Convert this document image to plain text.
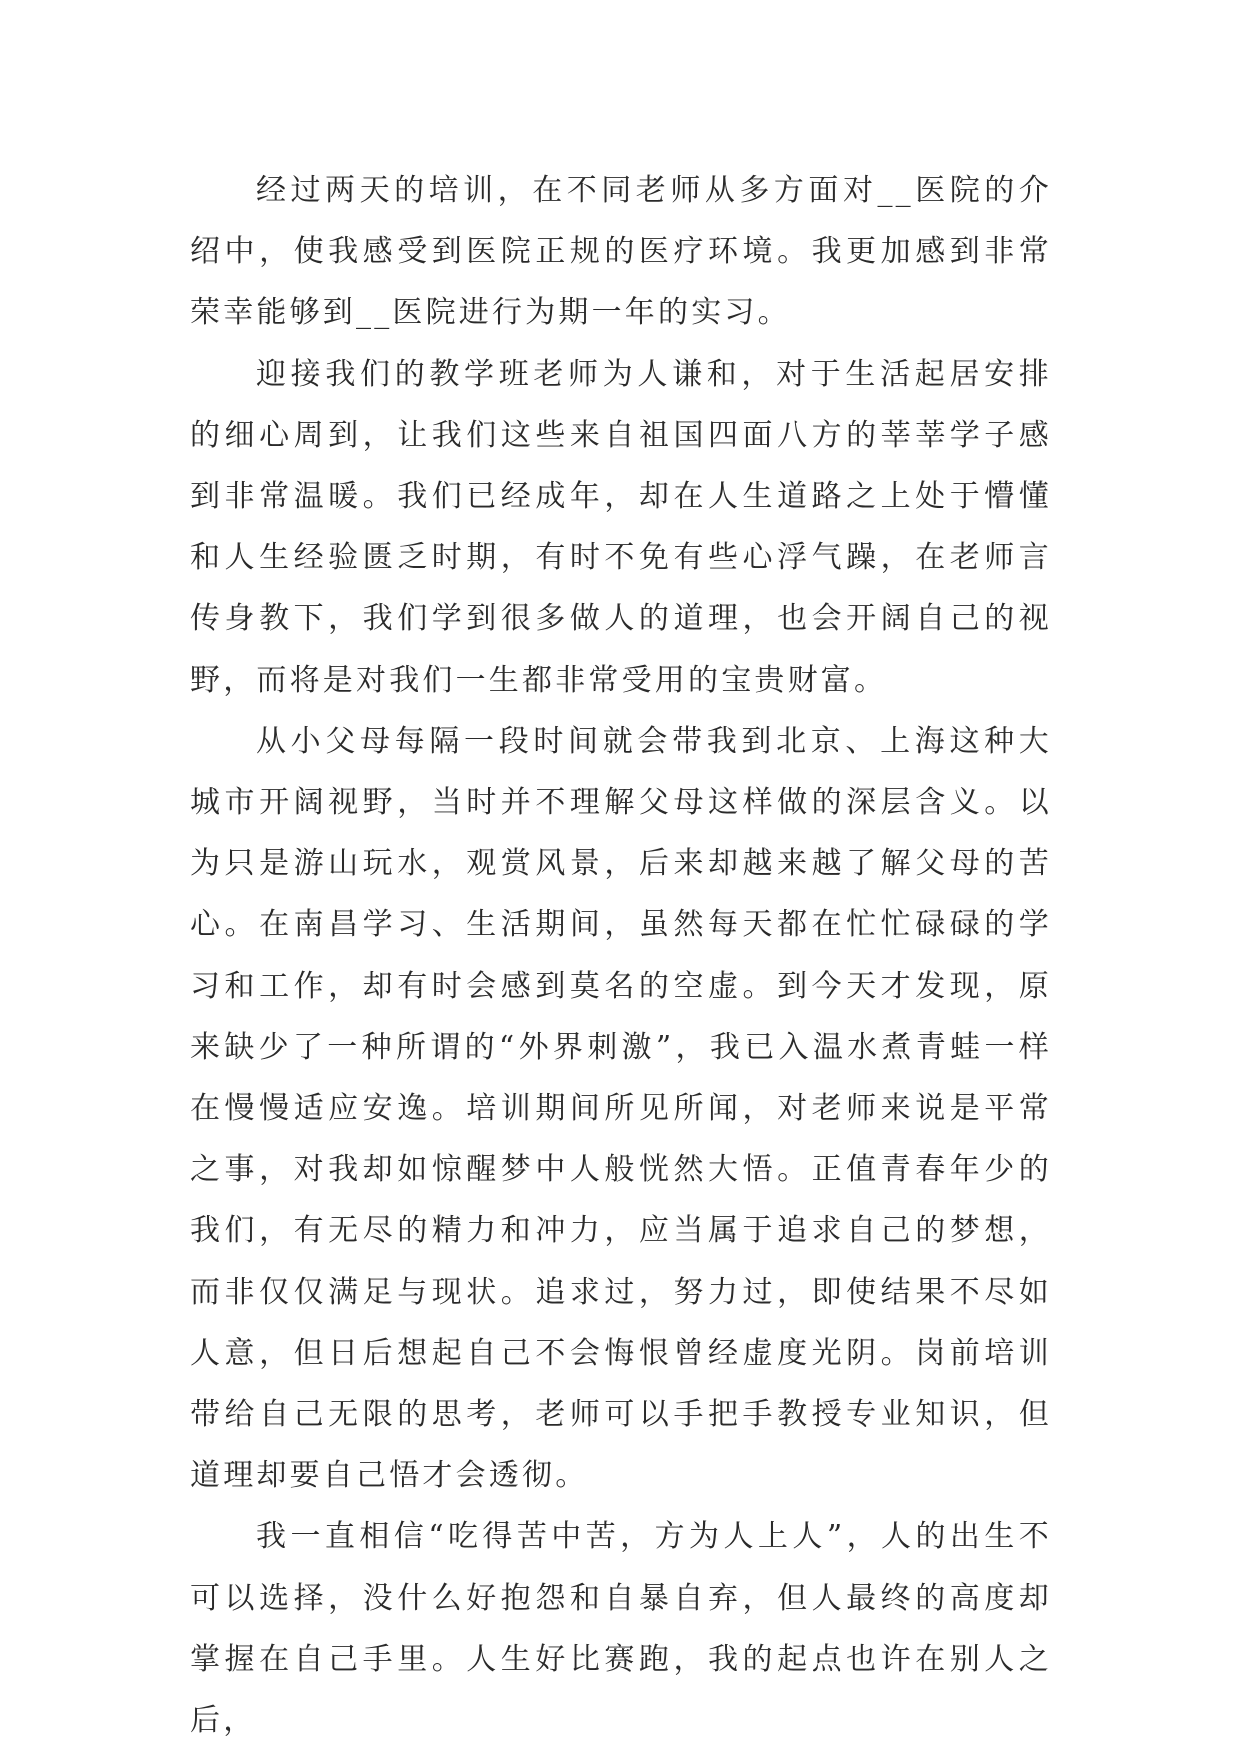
经过两天的培训，在不同老师从多方面对__医院的介绍中，使我感受到医院正规的医疗环境。我更加感到非常荣幸能够到__医院进行为期一年的实习。

迎接我们的教学班老师为人谦和，对于生活起居安排的细心周到，让我们这些来自祖国四面八方的莘莘学子感到非常温暖。我们已经成年，却在人生道路之上处于懵懂和人生经验匮乏时期，有时不免有些心浮气躁，在老师言传身教下，我们学到很多做人的道理，也会开阔自己的视野，而将是对我们一生都非常受用的宝贵财富。

从小父母每隔一段时间就会带我到北京、上海这种大城市开阔视野，当时并不理解父母这样做的深层含义。以为只是游山玩水，观赏风景，后来却越来越了解父母的苦心。在南昌学习、生活期间，虽然每天都在忙忙碌碌的学习和工作，却有时会感到莫名的空虚。到今天才发现，原来缺少了一种所谓的“外界刺激”，我已入温水煮青蛙一样在慢慢适应安逸。培训期间所见所闻，对老师来说是平常之事，对我却如惊醒梦中人般恍然大悟。正值青春年少的我们，有无尽的精力和冲力，应当属于追求自己的梦想，而非仅仅满足与现状。追求过，努力过，即使结果不尽如人意，但日后想起自己不会悔恨曾经虚度光阴。岗前培训带给自己无限的思考，老师可以手把手教授专业知识，但道理却要自己悟才会透彻。

我一直相信“吃得苦中苦，方为人上人”，人的出生不可以选择，没什么好抱怨和自暴自弃，但人最终的高度却掌握在自己手里。人生好比赛跑，我的起点也许在别人之后，
